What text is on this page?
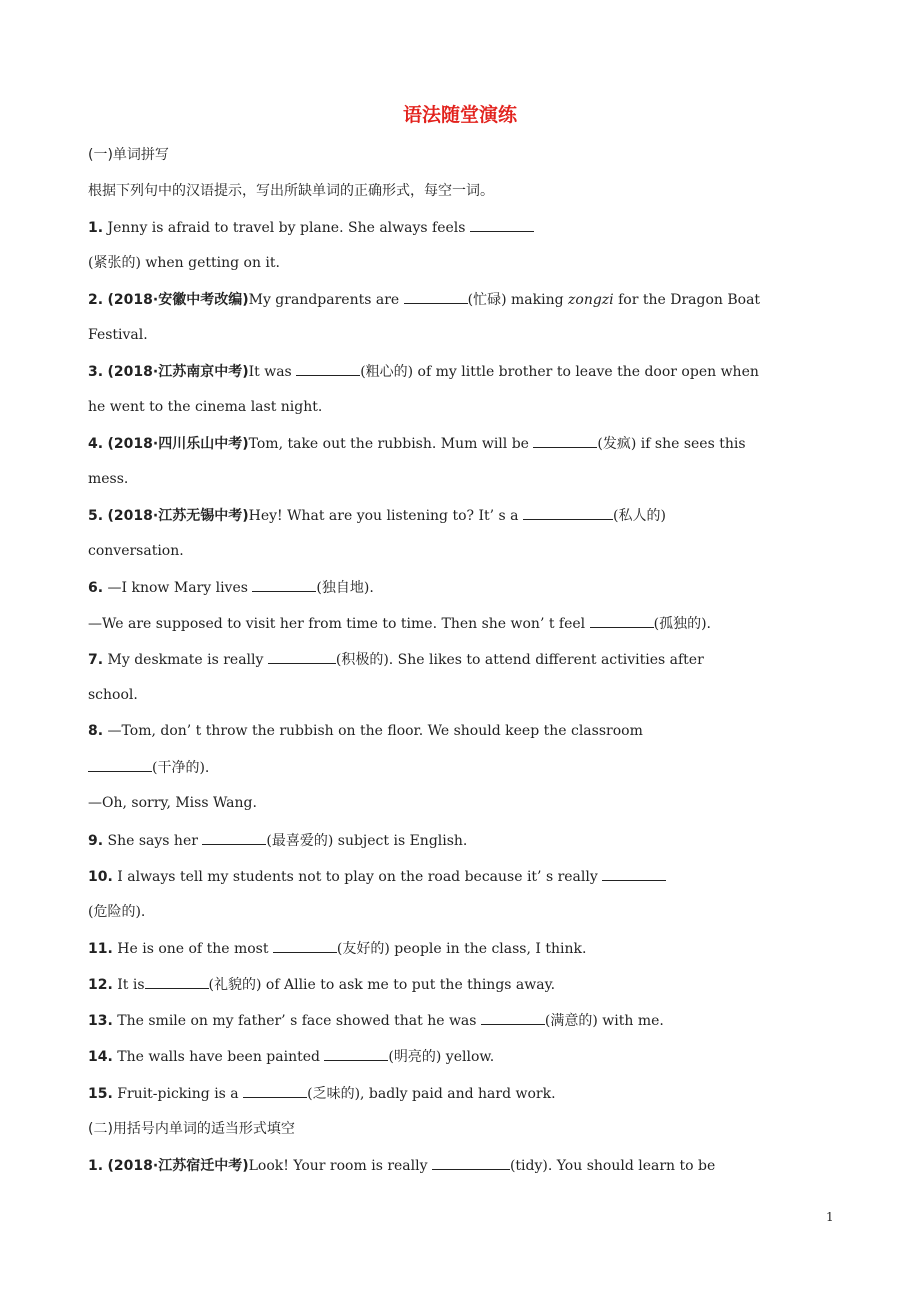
语法随堂演练
(一)单词拼写
根据下列句中的汉语提示，写出所缺单词的正确形式，每空一词。
1. Jenny is afraid to travel by plane. She always feels
(紧张的) when getting on it.
2. (2018·安徽中考改编)My grandparents are	(忙碌) making zongzi for the Dragon Boat
Festival.
3. (2018·江苏南京中考)It was	(粗心的) of my little brother to leave the door open when
he went to the cinema last night.
4. (2018·四川乐山中考)Tom, take out the rubbish. Mum will be	(发疯) if she sees this
mess.
5. (2018·江苏无锡中考)Hey! What are you listening to? It’ s a	(私人的)
conversation.
6. —I know Mary lives	(独自地).
—We are supposed to visit her from time to time. Then she won’ t feel	(孤独的).
7. My deskmate is really	(积极的). She likes to attend different activities after
school.
8. —Tom, don’ t throw the rubbish on the floor. We should keep the classroom
(干净的).
—Oh, sorry, Miss Wang.
9. She says her	(最喜爱的) subject is English.
10. I always tell my students not to play on the road because it’ s really
(危险的).
11. He is one of the most	(友好的) people in the class, I think.
12. It is	(礼貌的) of Allie to ask me to put the things away.
13. The smile on my father’ s face showed that he was	(满意的) with me.
14. The walls have been painted	(明亮的) yellow.
15. Fruit-picking is a	(乏味的), badly paid and hard work.
(二)用括号内单词的适当形式填空
1. (2018·江苏宿迁中考)Look! Your room is really	(tidy). You should learn to be
1
